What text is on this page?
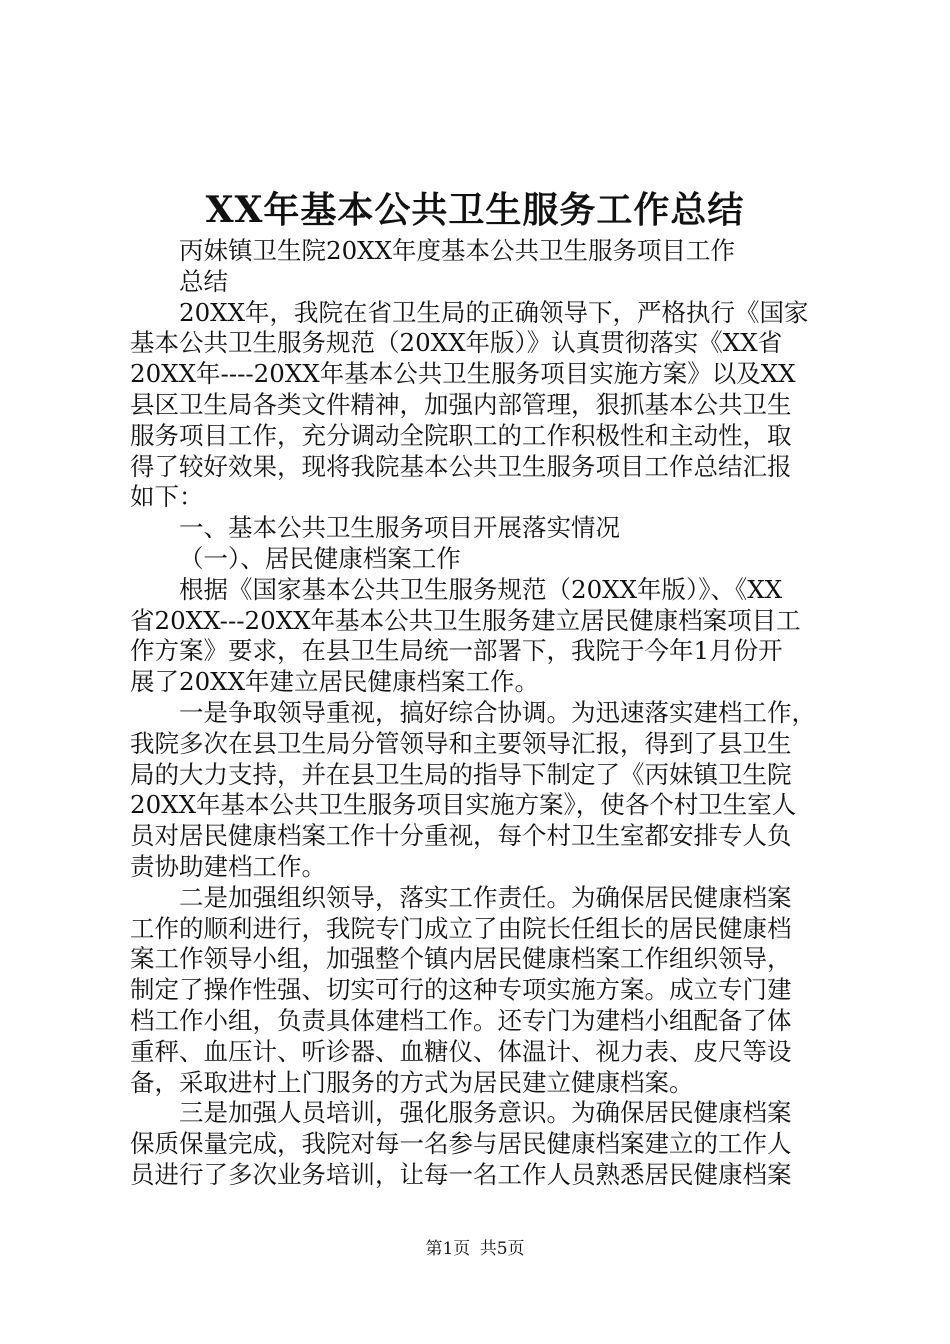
XX年基本公共卫生服务工作总结
丙妹镇卫生院20XX年度基本公共卫生服务项目工作
总结
20XX年，我院在省卫生局的正确领导下，严格执行《国家
基本公共卫生服务规范（20XX年版）》认真贯彻落实《XX省
20XX年----20XX年基本公共卫生服务项目实施方案》以及XX
县区卫生局各类文件精神，加强内部管理，狠抓基本公共卫生
服务项目工作，充分调动全院职工的工作积极性和主动性，取
得了较好效果，现将我院基本公共卫生服务项目工作总结汇报
如下：
一、基本公共卫生服务项目开展落实情况
（一）、居民健康档案工作
根据《国家基本公共卫生服务规范（20XX年版）》、《XX
省20XX---20XX年基本公共卫生服务建立居民健康档案项目工
作方案》要求，在县卫生局统一部署下，我院于今年1月份开
展了20XX年建立居民健康档案工作。
一是争取领导重视，搞好综合协调。为迅速落实建档工作，
我院多次在县卫生局分管领导和主要领导汇报，得到了县卫生
局的大力支持，并在县卫生局的指导下制定了《丙妹镇卫生院
20XX年基本公共卫生服务项目实施方案》，使各个村卫生室人
员对居民健康档案工作十分重视，每个村卫生室都安排专人负
责协助建档工作。
二是加强组织领导，落实工作责任。为确保居民健康档案
工作的顺利进行，我院专门成立了由院长任组长的居民健康档
案工作领导小组，加强整个镇内居民健康档案工作组织领导，
制定了操作性强、切实可行的这种专项实施方案。成立专门建
档工作小组，负责具体建档工作。还专门为建档小组配备了体
重秤、血压计、听诊器、血糖仪、体温计、视力表、皮尺等设
备，采取进村上门服务的方式为居民建立健康档案。
三是加强人员培训，强化服务意识。为确保居民健康档案
保质保量完成，我院对每一名参与居民健康档案建立的工作人
员进行了多次业务培训，让每一名工作人员熟悉居民健康档案
第1页 共5页
